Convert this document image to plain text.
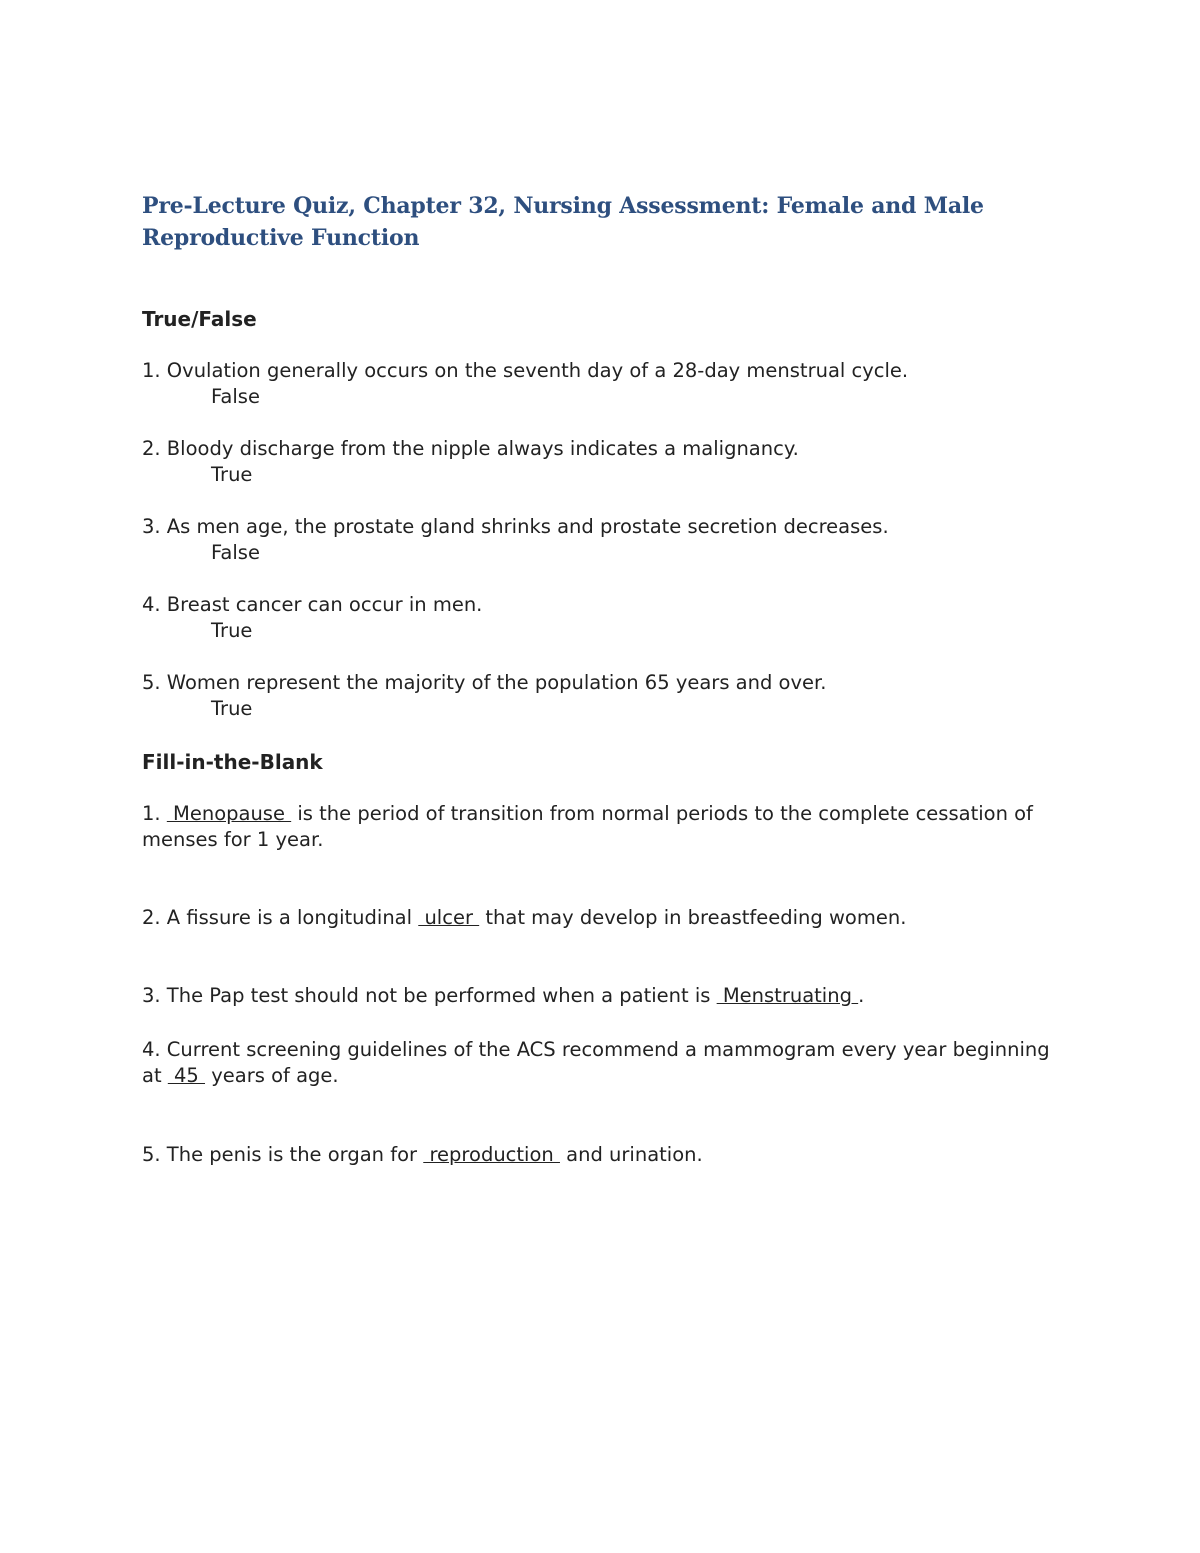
Pre-Lecture Quiz, Chapter 32, Nursing Assessment: Female and Male
Reproductive Function
True/False

1. Ovulation generally occurs on the seventh day of a 28-day menstrual cycle.

False

2. Bloody discharge from the nipple always indicates a malignancy.

True

3. As men age, the prostate gland shrinks and prostate secretion decreases.

False

4. Breast cancer can occur in men.

True

5. Women represent the majority of the population 65 years and over.

True

Fill-in-the-Blank

1.  Menopause  is the period of transition from normal periods to the complete cessation of menses for 1 year.

2. A fissure is a longitudinal  ulcer  that may develop in breastfeeding women.

3. The Pap test should not be performed when a patient is  Menstruating .

4. Current screening guidelines of the ACS recommend a mammogram every year beginning at  45  years of age.

5. The penis is the organ for  reproduction  and urination.
